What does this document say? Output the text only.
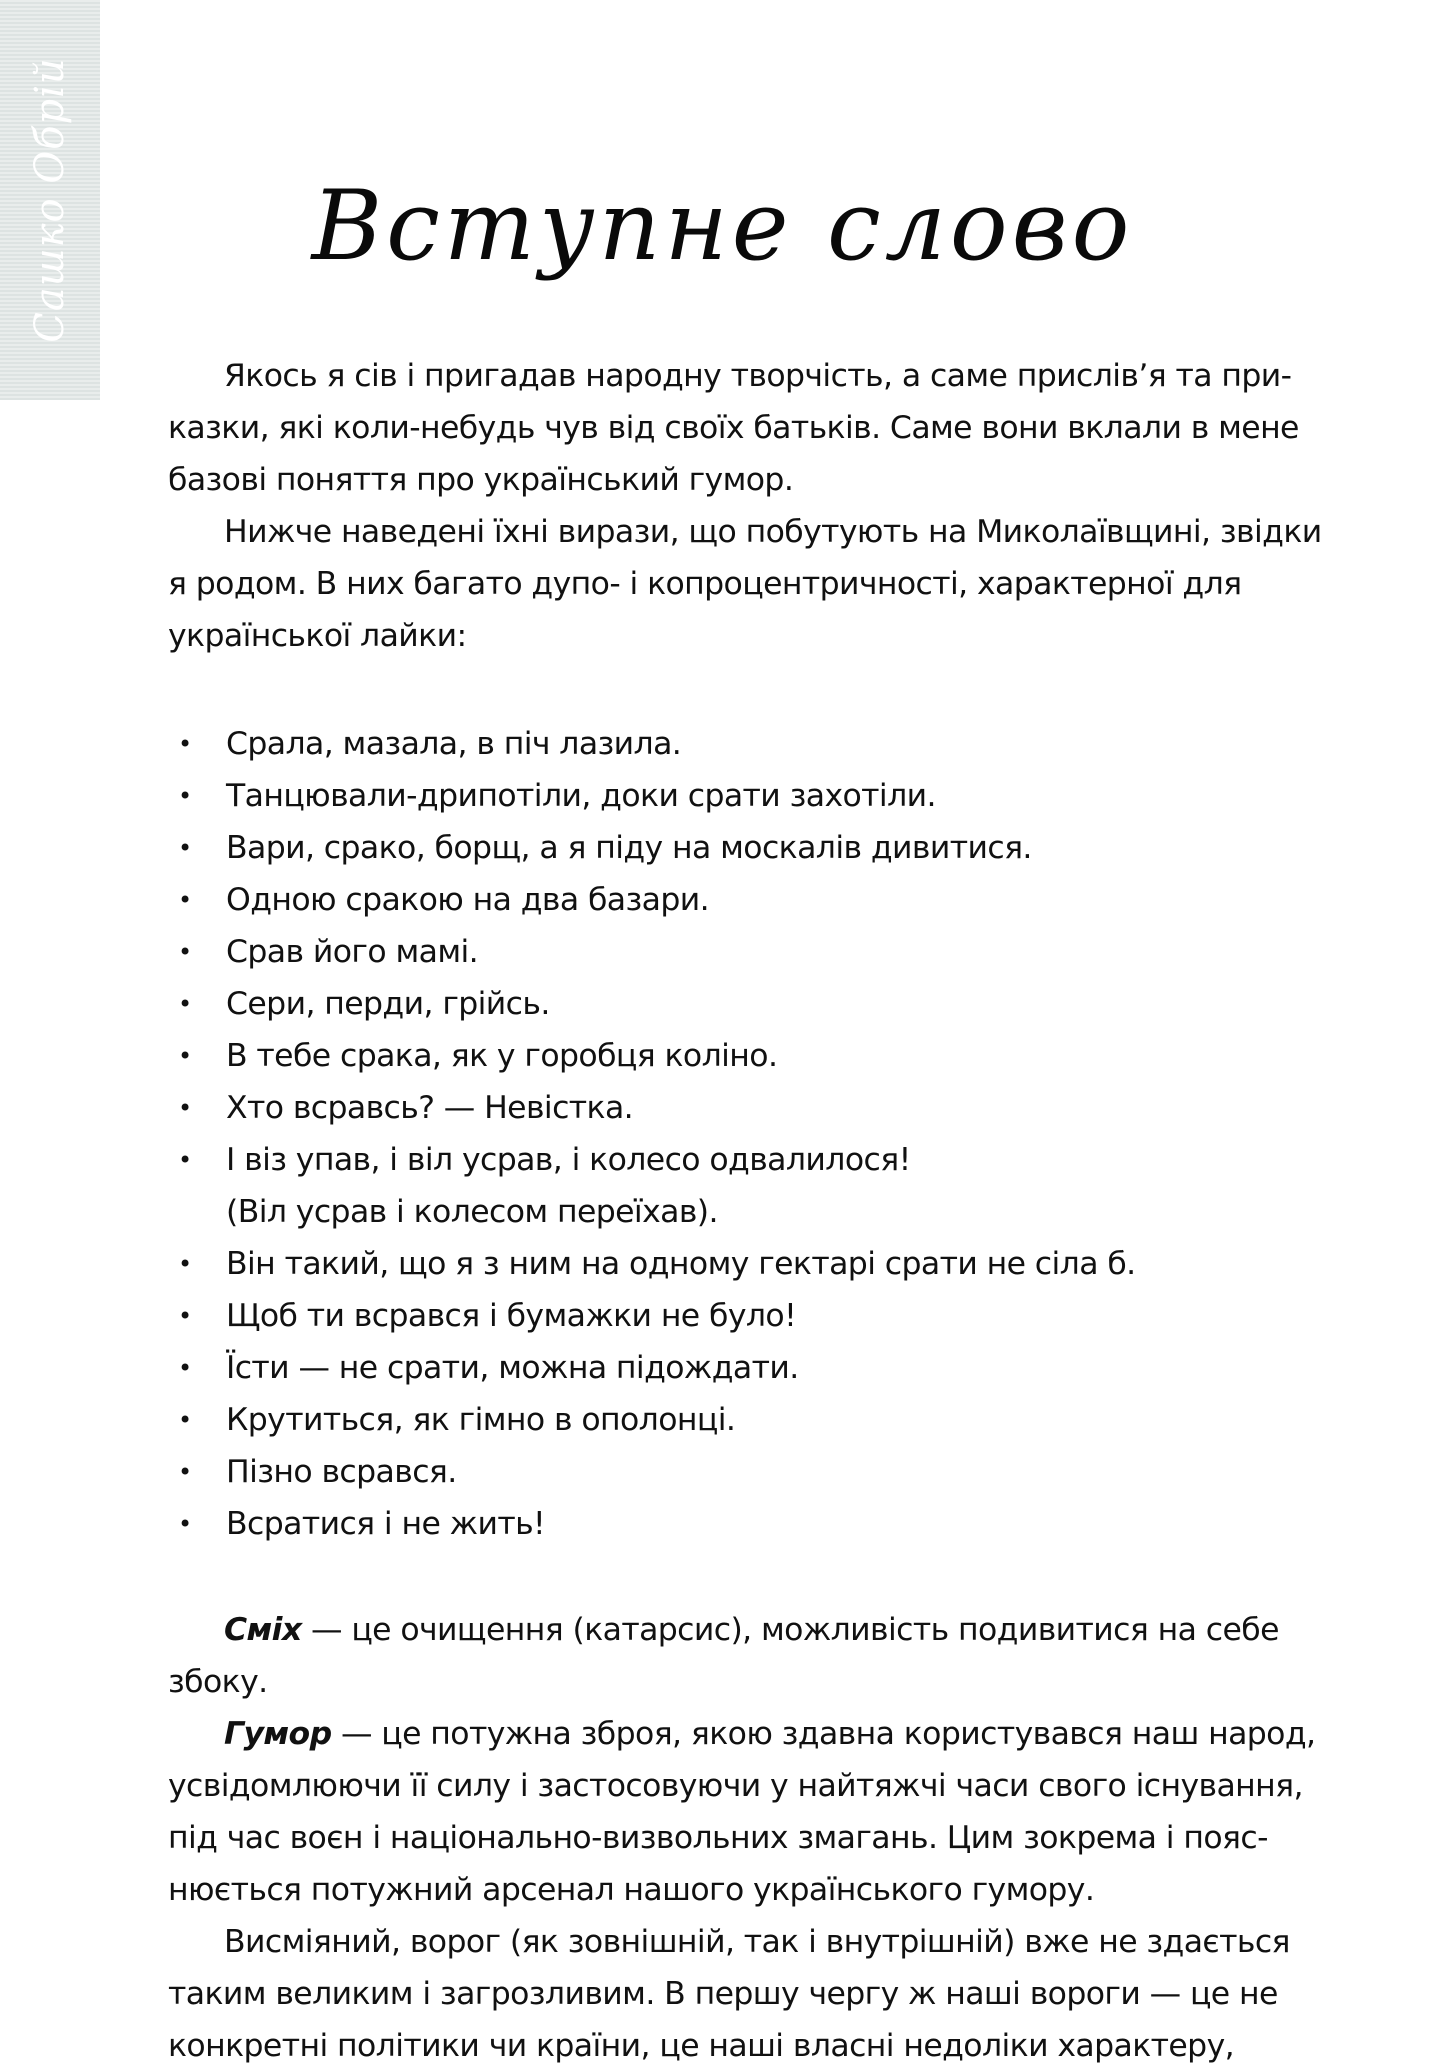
Сашко Обрій	Вступне слово

Якось я сів і пригадав народну творчість, а саме прислів’я та при-
казки, які коли-небудь чув від своїх батьків. Саме вони вклали в мене
базові поняття про український гумор.

Нижче наведені їхні вирази, що побутують на Миколаївщині, звідки
я родом. В них багато дупо- і копроцентричності, характерної для
української лайки:

• Срала, мазала, в піч лазила.
• Танцювали-дрипотіли, доки срати захотіли.
• Вари, срако, борщ, а я піду на москалів дивитися.
• Одною сракою на два базари.
• Срав його мамі.
• Сери, перди, грійсь.
• В тебе срака, як у горобця коліно.
• Хто всравсь? — Невістка.
• І віз упав, і віл усрав, і колесо одвалилося!
(Віл усрав і колесом переїхав).
• Він такий, що я з ним на одному гектарі срати не сіла б.
• Щоб ти всрався і бумажки не було!
• Їсти — не срати, можна підождати.
• Крутиться, як гімно в ополонці.
• Пізно всрався.
• Всратися і не жить!

Сміх — це очищення (катарсис), можливість подивитися на себе
збоку.

Гумор — це потужна зброя, якою здавна користувався наш народ,
усвідомлюючи її силу і застосовуючи у найтяжчі часи свого існування,
під час воєн і національно-визвольних змагань. Цим зокрема і пояс-
нюється потужний арсенал нашого українського гумору.

Висміяний, ворог (як зовнішній, так і внутрішній) вже не здається
таким великим і загрозливим. В першу чергу ж наші вороги — це не
конкретні політики чи країни, це наші власні недоліки характеру,
